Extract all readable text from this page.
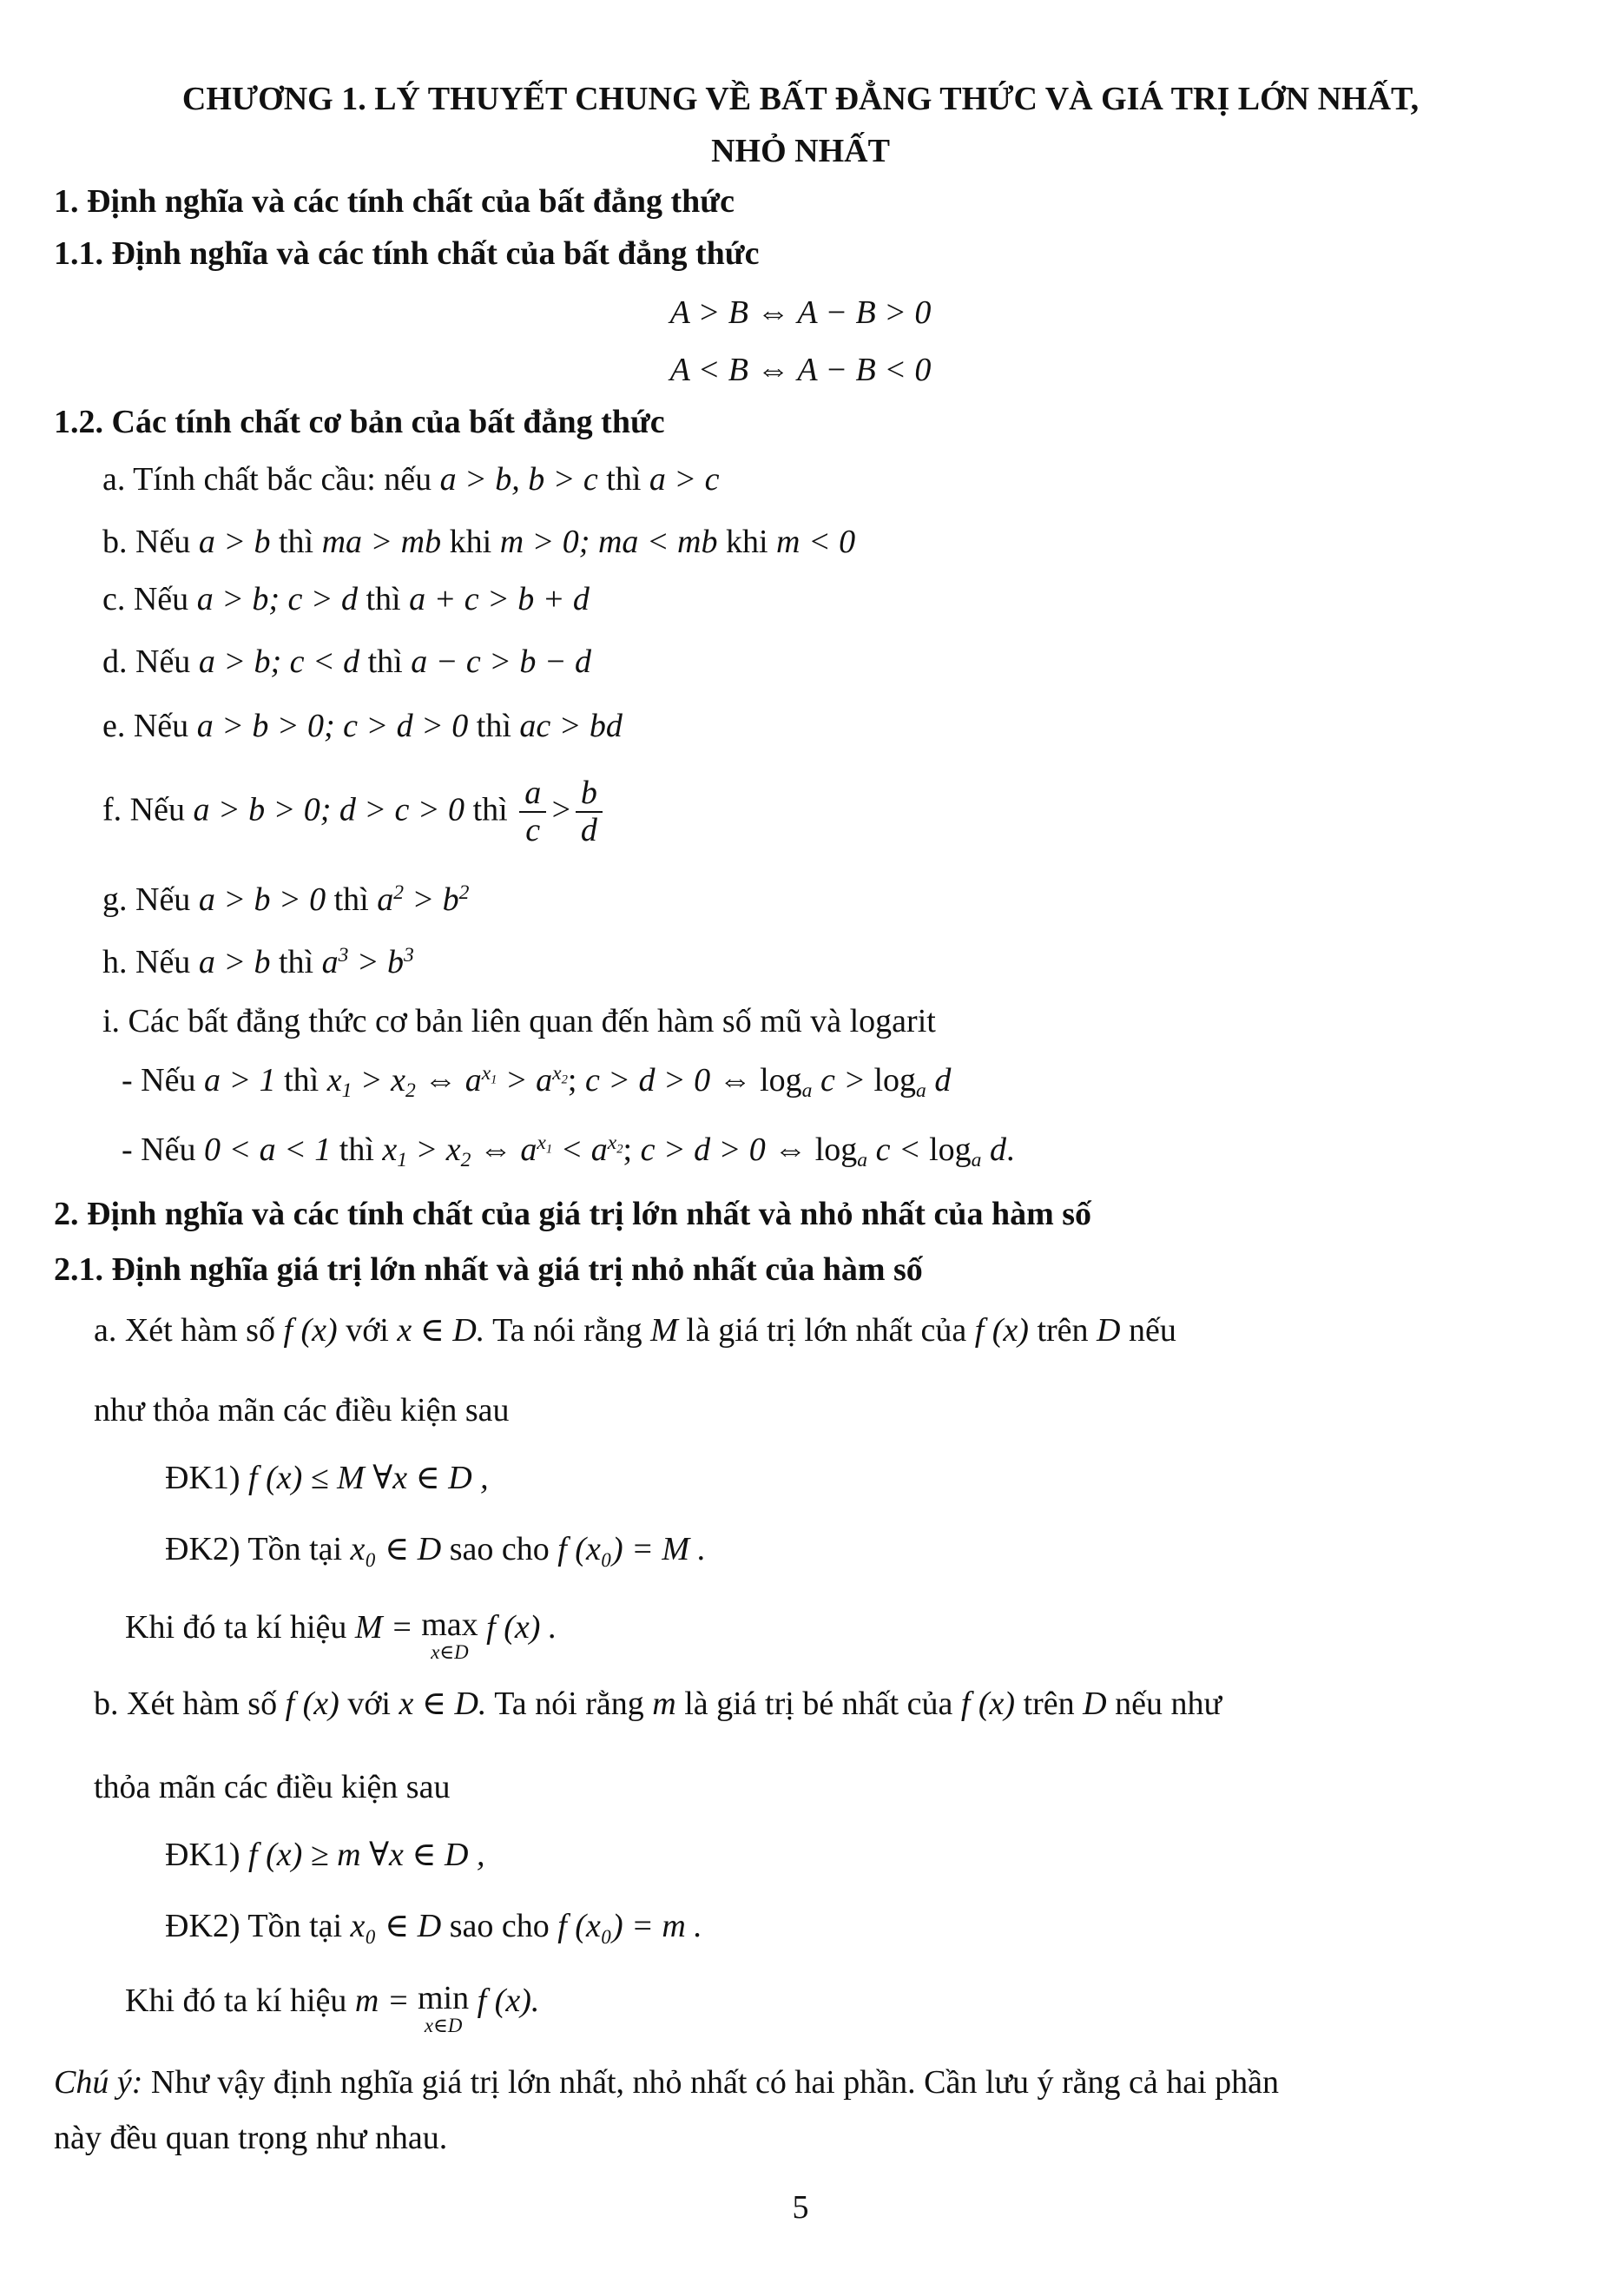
CHƯƠNG 1. LÝ THUYẾT CHUNG VỀ BẤT ĐẲNG THỨC VÀ GIÁ TRỊ LỚN NHẤT,
NHỎ NHẤT
1. Định nghĩa và các tính chất của bất đẳng thức
1.1. Định nghĩa và các tính chất của bất đẳng thức
A > B ⇔ A − B > 0
A < B ⇔ A − B < 0
1.2. Các tính chất cơ bản của bất đẳng thức
a. Tính chất bắc cầu: nếu a > b, b > c thì a > c
b. Nếu a > b thì ma > mb khi m > 0; ma < mb khi m < 0
c. Nếu a > b; c > d thì a + c > b + d
d. Nếu a > b; c < d thì a − c > b − d
e. Nếu a > b > 0; c > d > 0 thì ac > bd
f. Nếu a > b > 0; d > c > 0 thì $\frac{a}{c} > \frac{b}{d}$
g. Nếu a > b > 0 thì $a^2 > b^2$
h. Nếu a > b thì $a^3 > b^3$
i. Các bất đẳng thức cơ bản liên quan đến hàm số mũ và logarit
- Nếu a > 1 thì $x_1 > x_2$ ⇔ $a^{x_1} > a^{x_2}$; c > d > 0 ⇔ $\log_a c > \log_a d$
- Nếu 0 < a < 1 thì $x_1 > x_2$ ⇔ $a^{x_1} < a^{x_2}$; c > d > 0 ⇔ $\log_a c < \log_a d$.
2. Định nghĩa và các tính chất của giá trị lớn nhất và nhỏ nhất của hàm số
2.1. Định nghĩa giá trị lớn nhất và giá trị nhỏ nhất của hàm số
a. Xét hàm số f (x) với x ∈ D. Ta nói rằng M là giá trị lớn nhất của f (x) trên D nếu
như thỏa mãn các điều kiện sau
ĐK1) f (x) ≤ M ∀x ∈ D ,
ĐK2) Tồn tại x₀ ∈ D sao cho f (x₀) = M .
Khi đó ta kí hiệu M = max
x∈D
f (x) .
b. Xét hàm số f (x) với x ∈ D. Ta nói rằng m là giá trị bé nhất của f (x) trên D nếu như
thỏa mãn các điều kiện sau
ĐK1) f (x) ≥ m ∀x ∈ D ,
ĐK2) Tồn tại x₀ ∈ D sao cho f (x₀) = m .
Khi đó ta kí hiệu m = min
x∈D
f (x).
Chú ý: Như vậy định nghĩa giá trị lớn nhất, nhỏ nhất có hai phần. Cần lưu ý rằng cả hai phần
này đều quan trọng như nhau.
5
